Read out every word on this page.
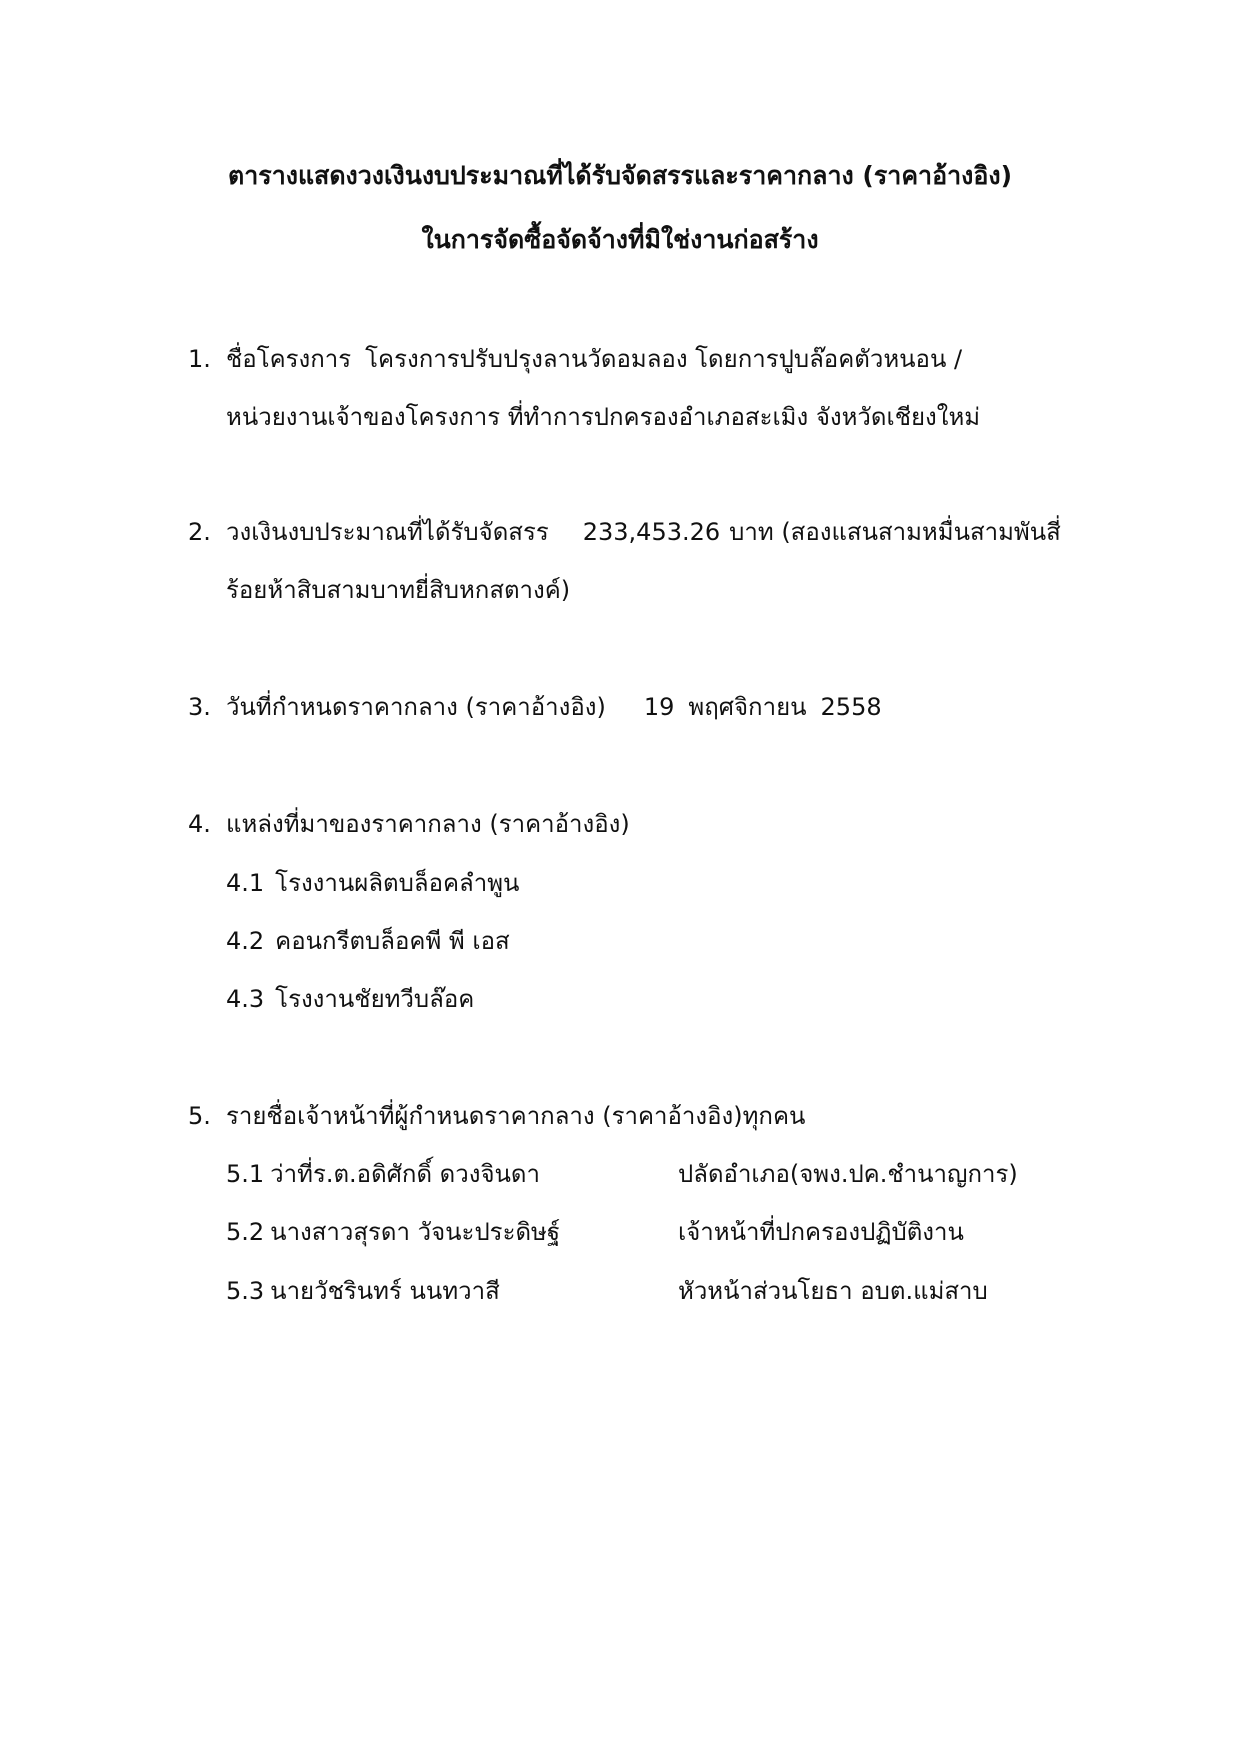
ตารางแสดงวงเงินงบประมาณที่ได้รับจัดสรรและราคากลาง (ราคาอ้างอิง)
ในการจัดซื้อจัดจ้างที่มิใช่งานก่อสร้าง
1. ชื่อโครงการ โครงการปรับปรุงลานวัดอมลอง โดยการปูบล๊อคตัวหนอน /
หน่วยงานเจ้าของโครงการ ที่ทำการปกครองอำเภอสะเมิง จังหวัดเชียงใหม่
2. วงเงินงบประมาณที่ได้รับจัดสรร 233,453.26 บาท (สองแสนสามหมื่นสามพันสี่
ร้อยห้าสิบสามบาทยี่สิบหกสตางค์)
3. วันที่กำหนดราคากลาง (ราคาอ้างอิง) 19 พฤศจิกายน 2558
4. แหล่งที่มาของราคากลาง (ราคาอ้างอิง)
4.1 โรงงานผลิตบล็อคลำพูน
4.2 คอนกรีตบล็อคพี พี เอส
4.3 โรงงานชัยทวีบล๊อค
5. รายชื่อเจ้าหน้าที่ผู้กำหนดราคากลาง (ราคาอ้างอิง)ทุกคน
5.1 ว่าที่ร.ต.อดิศักดิ์ ดวงจินดา	ปลัดอำเภอ(จพง.ปค.ชำนาญการ)
5.2 นางสาวสุรดา วัจนะประดิษฐ์	เจ้าหน้าที่ปกครองปฏิบัติงาน
5.3 นายวัชรินทร์ นนทวาสี	หัวหน้าส่วนโยธา อบต.แม่สาบ
